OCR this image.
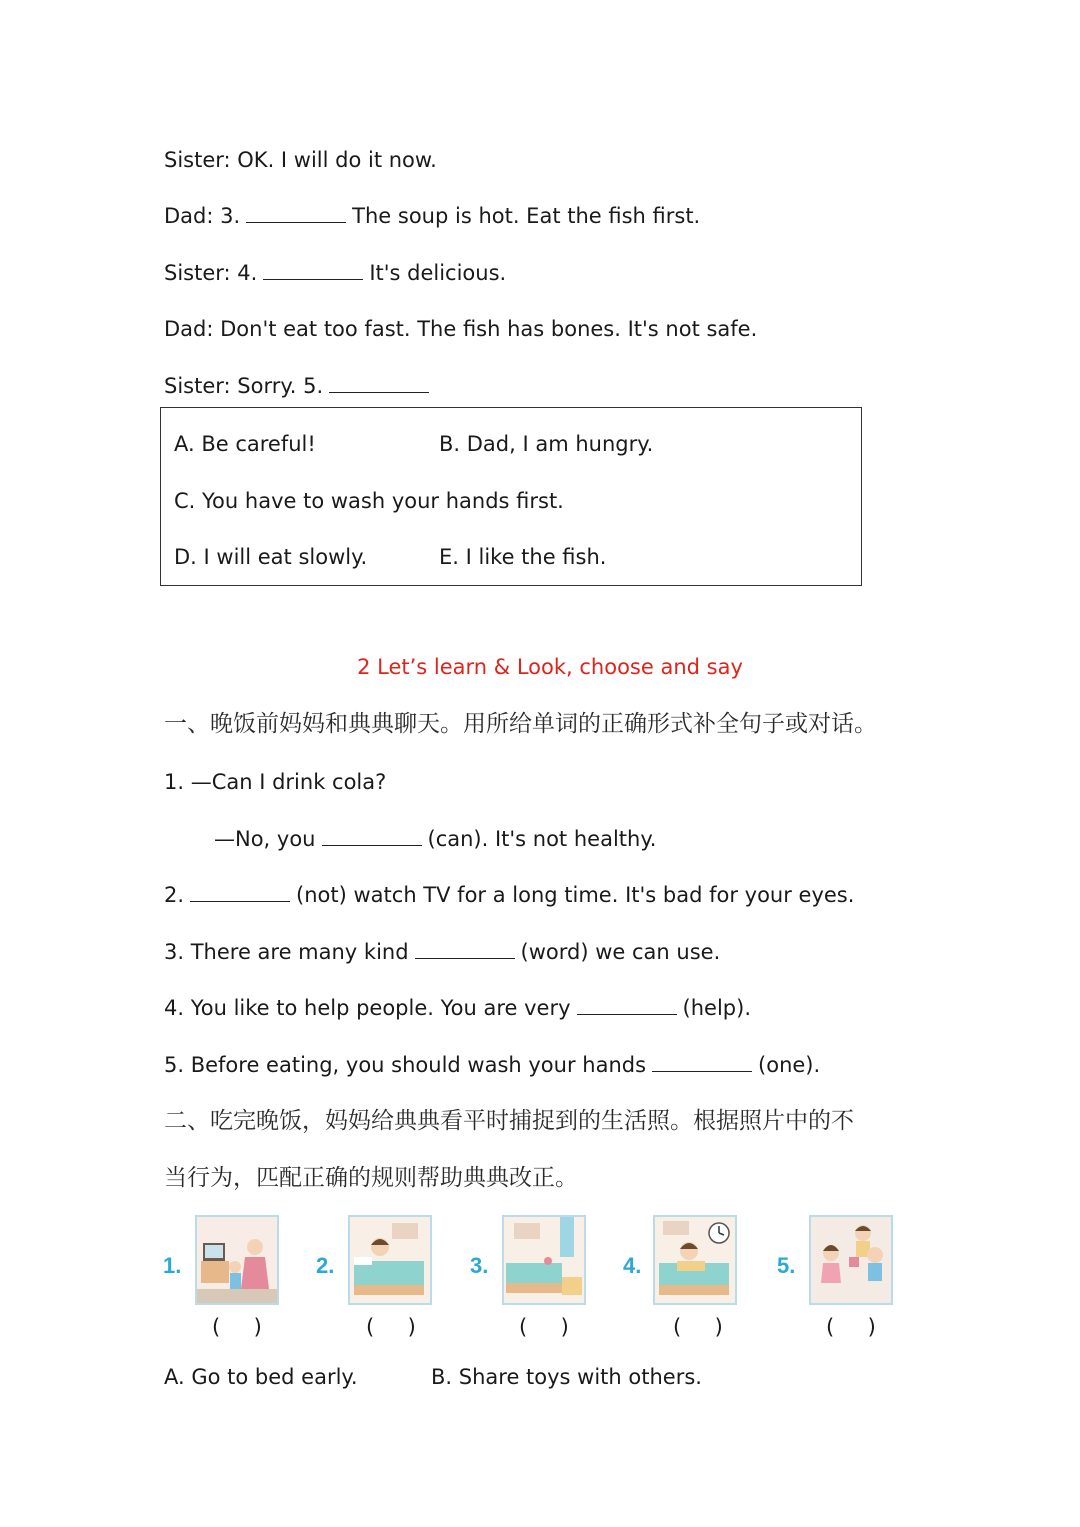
Sister: OK. I will do it now.
Dad: 3.	The soup is hot. Eat the fish first.
Sister: 4.	It's delicious.
Dad: Don't eat too fast. The fish has bones. It's not safe.
Sister: Sorry. 5.
A. Be careful!	B. Dad, I am hungry.
C. You have to wash your hands first.
D. I will eat slowly.	E. I like the fish.
2 Let’s learn & Look, choose and say
一、晚饭前妈妈和典典聊天。用所给单词的正确形式补全句子或对话。
1. —Can I drink cola?
—No, you	(can). It's not healthy.
2.	(not) watch TV for a long time. It's bad for your eyes.
3. There are many kind	(word) we can use.
4. You like to help people. You are very	(help).
5. Before eating, you should wash your hands	(one).
二、吃完晚饭，妈妈给典典看平时捕捉到的生活照。根据照片中的不
当行为，匹配正确的规则帮助典典改正。
1.	2.	3.	4.	5.
(     )	(     )	(     )	(     )	(     )
A. Go to bed early.	B. Share toys with others.
